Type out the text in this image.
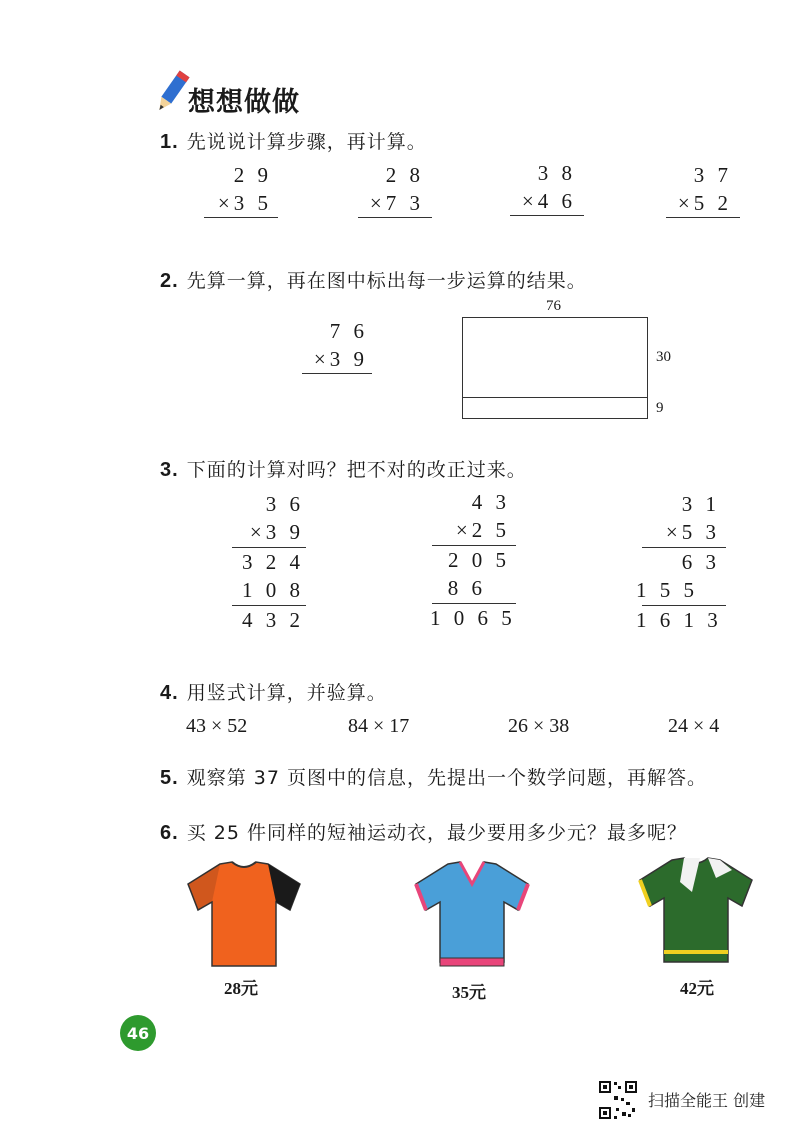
想想做做
1. 先说说计算步骤，再计算。
2 9
×3 5
2 8
×7 3
3 8
×4 6
3 7
×5 2
2. 先算一算，再在图中标出每一步运算的结果。
7 6
×3 9
76
30
9
3. 下面的计算对吗？把不对的改正过来。
3 6
×3 9
3 2 4
1 0 8
4 3 2
4 3
×2 5
2 0 5
8 6
1 0 6 5
3 1
×5 3
6 3
1 5 5
1 6 1 3
4. 用竖式计算，并验算。
43 × 52	84 × 17	26 × 38	24 × 4
5. 观察第 37 页图中的信息，先提出一个数学问题，再解答。
6. 买 25 件同样的短袖运动衣，最少要用多少元？最多呢？
28元	35元	42元
46
扫描全能王 创建
